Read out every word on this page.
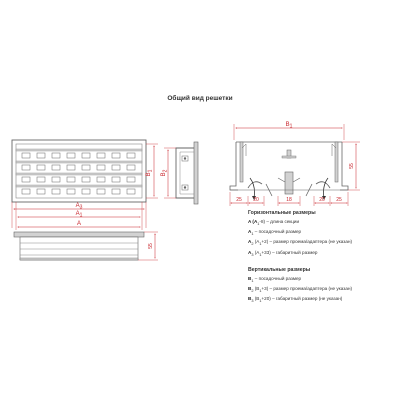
Общий вид решетки
$B_1$
$A_3$
$A_1$
A
55
$B_2$
$B_1$
55
25 20	18	20 25
Горизонтальные размеры
A $(A_1-8)$ – длина секции
$A_1$ – посадочный размер
$A_2$ $(A_1+2)$ – размер проема/адаптера (не указан)
$A_3$ $(A_1+33)$ – габаритный размер
Вертикальные размеры
$B_1$ – посадочный размер
$B_2$ $(B_1+3)$ – размер проема/адаптера (не указан)
$B_3$ $(B_1+20)$ – габаритный размер (не указан)
